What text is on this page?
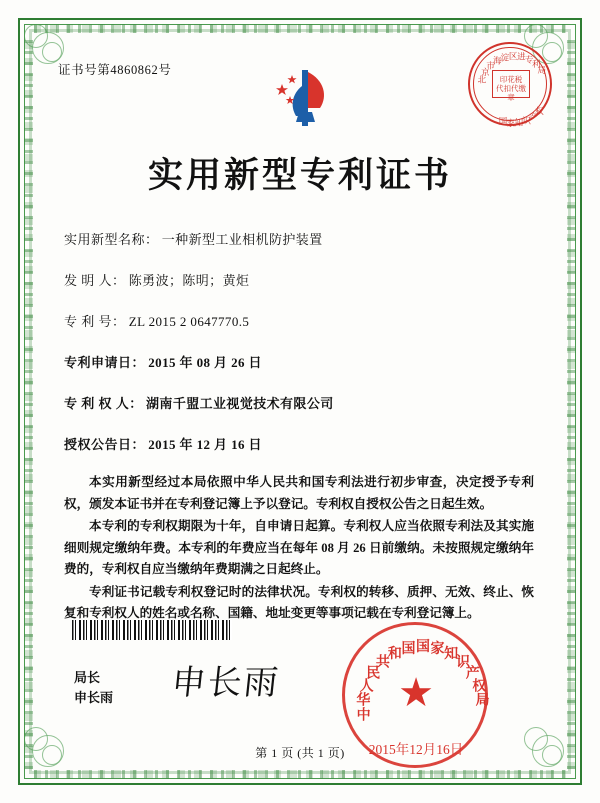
证书号第4860862号
北
京
市
海 淀 区 进 专
利
局
国 家 知 识
产
权
印花税
代扣代缴章
实用新型专利证书
实用新型名称： 一种新型工业相机防护装置
发 明 人： 陈勇波；陈明；黄炬
专 利 号： ZL 2015 2 0647770.5
专利申请日： 2015 年 08 月 26 日
专 利 权 人： 湖南千盟工业视觉技术有限公司
授权公告日： 2015 年 12 月 16 日

本实用新型经过本局依照中华人民共和国专利法进行初步审查，决定授予专利权，颁发本证书并在专利登记簿上予以登记。专利权自授权公告之日起生效。

本专利的专利权期限为十年，自申请日起算。专利权人应当依照专利法及其实施细则规定缴纳年费。本专利的年费应当在每年 08 月 26 日前缴纳。未按照规定缴纳年费的，专利权自应当缴纳年费期满之日起终止。

专利证书记载专利权登记时的法律状况。专利权的转移、质押、无效、终止、恢复和专利权人的姓名或名称、国籍、地址变更等事项记载在专利登记簿上。

局长
申长雨 申长雨	★
中
华
人
民
共
和 国 国 家 知
识
产
权
局
2015年12月16日
第 1 页 (共 1 页)
